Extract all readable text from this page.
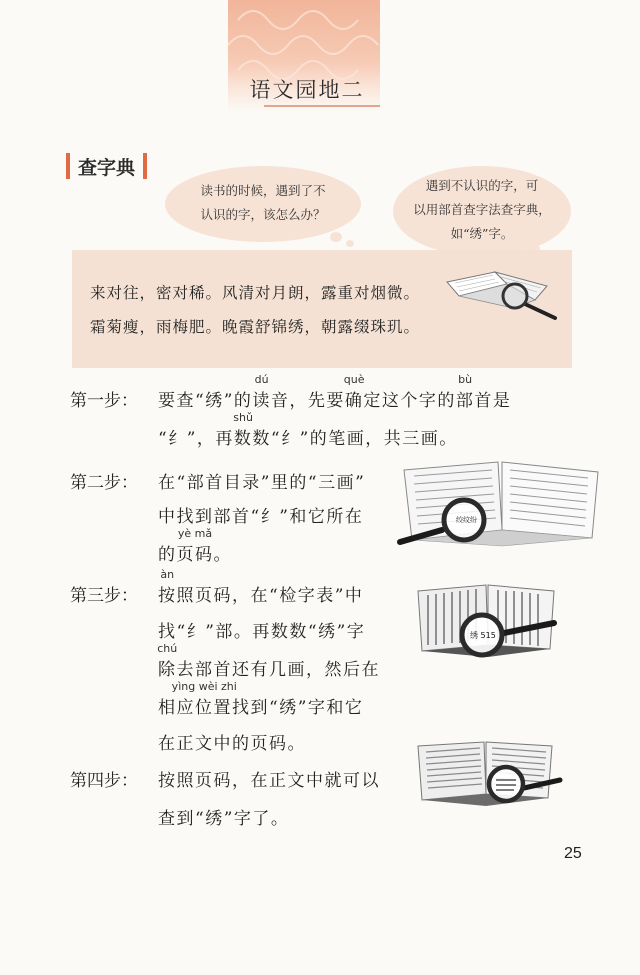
语文园地二
查字典
读书的时候，遇到了不
认识的字，该怎么办？
遇到不认识的字，可
以用部首查字法查字典，
如“绣”字。
来对往，密对稀。风清对月朗，露重对烟微。
霜菊瘦，雨梅肥。晚霞舒锦绣，朝露缀珠玑。
第一步： 要查“绣”的
dú
读音，先要
què
确定这个字的
bù
部首是
“纟”，再
shǔ
数数“纟”的笔画，共三画。
第二步： 在“部首目录”里的“三画”
中找到部首“纟”和它所在
的
yè mǎ
页码。
绞纹纷
第三步：
àn
按照页码，在“检字表”中
找“纟”部。再数数“绣”字
chú
除去部首还有几画，然后在
相
yìng wèi zhi
应位置找到“绣”字和它
在正文中的页码。
绣 515
第四步： 按照页码，在正文中就可以
查到“绣”字了。
25
